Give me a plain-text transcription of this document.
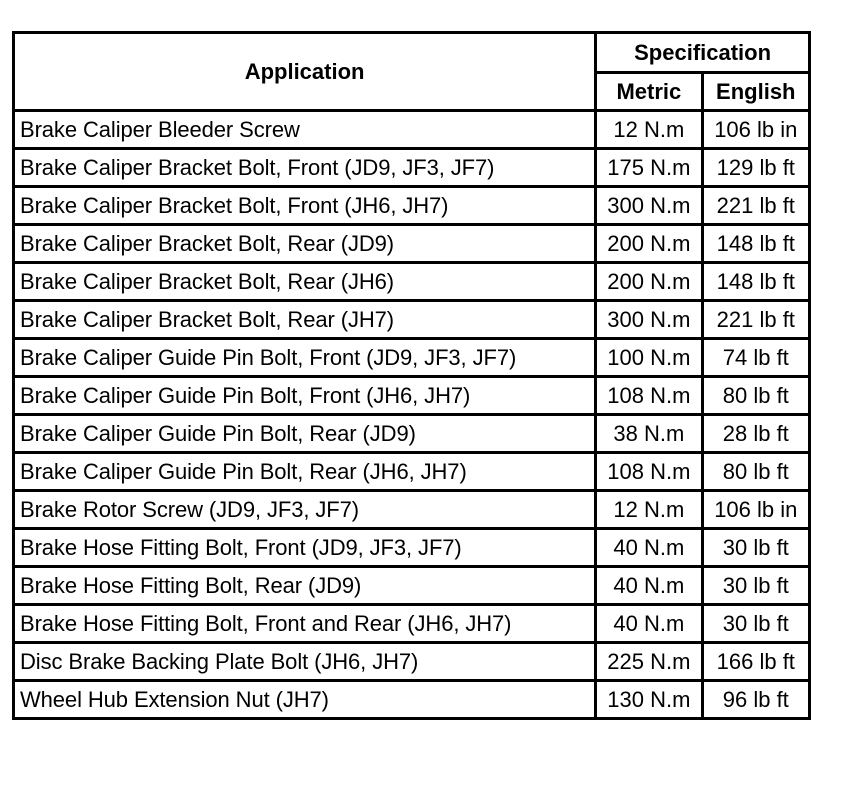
Application	Specification	
	Metric	English
Brake Caliper Bleeder Screw	12 N.m	106 lb in
Brake Caliper Bracket Bolt, Front (JD9, JF3, JF7)	175 N.m	129 lb ft
Brake Caliper Bracket Bolt, Front (JH6, JH7)	300 N.m	221 lb ft
Brake Caliper Bracket Bolt, Rear (JD9)	200 N.m	148 lb ft
Brake Caliper Bracket Bolt, Rear (JH6)	200 N.m	148 lb ft
Brake Caliper Bracket Bolt, Rear (JH7)	300 N.m	221 lb ft
Brake Caliper Guide Pin Bolt, Front (JD9, JF3, JF7)	100 N.m	74 lb ft
Brake Caliper Guide Pin Bolt, Front (JH6, JH7)	108 N.m	80 lb ft
Brake Caliper Guide Pin Bolt, Rear (JD9)	38 N.m	28 lb ft
Brake Caliper Guide Pin Bolt, Rear (JH6, JH7)	108 N.m	80 lb ft
Brake Rotor Screw (JD9, JF3, JF7)	12 N.m	106 lb in
Brake Hose Fitting Bolt, Front (JD9, JF3, JF7)	40 N.m	30 lb ft
Brake Hose Fitting Bolt, Rear (JD9)	40 N.m	30 lb ft
Brake Hose Fitting Bolt, Front and Rear (JH6, JH7)	40 N.m	30 lb ft
Disc Brake Backing Plate Bolt (JH6, JH7)	225 N.m	166 lb ft
Wheel Hub Extension Nut (JH7)	130 N.m	96 lb ft
